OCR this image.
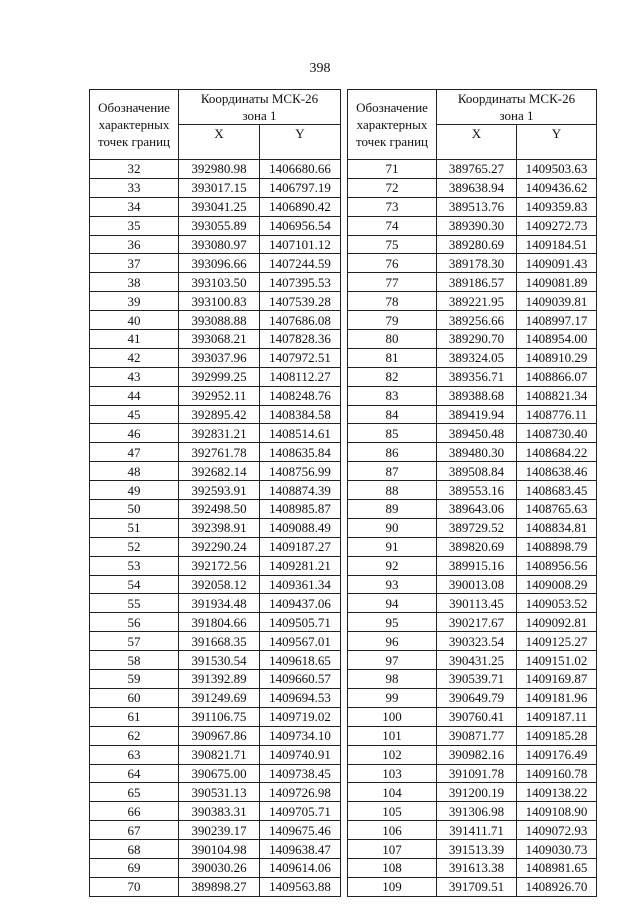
398
Обозначение
характерных
точек границ	Координаты МСК-26
зона 1	
	X	Y
32	392980.98	1406680.66
33	393017.15	1406797.19
34	393041.25	1406890.42
35	393055.89	1406956.54
36	393080.97	1407101.12
37	393096.66	1407244.59
38	393103.50	1407395.53
39	393100.83	1407539.28
40	393088.88	1407686.08
41	393068.21	1407828.36
42	393037.96	1407972.51
43	392999.25	1408112.27
44	392952.11	1408248.76
45	392895.42	1408384.58
46	392831.21	1408514.61
47	392761.78	1408635.84
48	392682.14	1408756.99
49	392593.91	1408874.39
50	392498.50	1408985.87
51	392398.91	1409088.49
52	392290.24	1409187.27
53	392172.56	1409281.21
54	392058.12	1409361.34
55	391934.48	1409437.06
56	391804.66	1409505.71
57	391668.35	1409567.01
58	391530.54	1409618.65
59	391392.89	1409660.57
60	391249.69	1409694.53
61	391106.75	1409719.02
62	390967.86	1409734.10
63	390821.71	1409740.91
64	390675.00	1409738.45
65	390531.13	1409726.98
66	390383.31	1409705.71
67	390239.17	1409675.46
68	390104.98	1409638.47
69	390030.26	1409614.06
70	389898.27	1409563.88
Обозначение
характерных
точек границ	Координаты МСК-26
зона 1	
	X	Y
71	389765.27	1409503.63
72	389638.94	1409436.62
73	389513.76	1409359.83
74	389390.30	1409272.73
75	389280.69	1409184.51
76	389178.30	1409091.43
77	389186.57	1409081.89
78	389221.95	1409039.81
79	389256.66	1408997.17
80	389290.70	1408954.00
81	389324.05	1408910.29
82	389356.71	1408866.07
83	389388.68	1408821.34
84	389419.94	1408776.11
85	389450.48	1408730.40
86	389480.30	1408684.22
87	389508.84	1408638.46
88	389553.16	1408683.45
89	389643.06	1408765.63
90	389729.52	1408834.81
91	389820.69	1408898.79
92	389915.16	1408956.56
93	390013.08	1409008.29
94	390113.45	1409053.52
95	390217.67	1409092.81
96	390323.54	1409125.27
97	390431.25	1409151.02
98	390539.71	1409169.87
99	390649.79	1409181.96
100	390760.41	1409187.11
101	390871.77	1409185.28
102	390982.16	1409176.49
103	391091.78	1409160.78
104	391200.19	1409138.22
105	391306.98	1409108.90
106	391411.71	1409072.93
107	391513.39	1409030.73
108	391613.38	1408981.65
109	391709.51	1408926.70
